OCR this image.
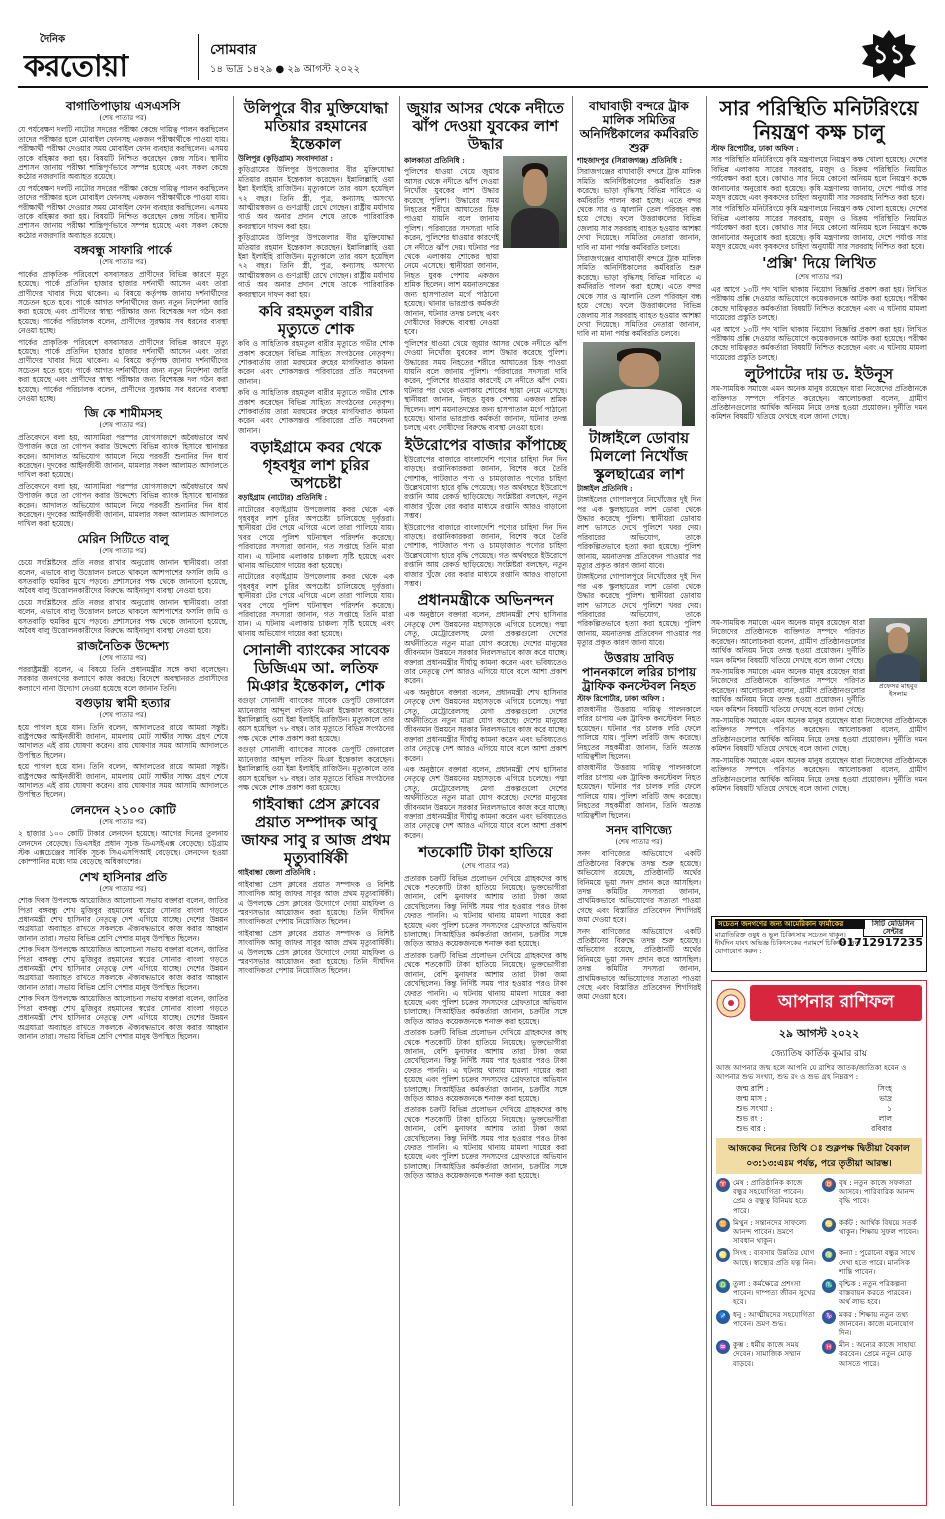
দৈনিক
করতোয়া	সোমবার
১৪ ভাদ্র ১৪২৯ ● ২৯ আগস্ট ২০২২	১১
বাগাতিপাড়ায় এসএসসি
(শেষ পাতার পর)

যে পর্যবেক্ষণ দলটি নাটোর সদরের পরীক্ষা কেন্দ্রে দায়িত্ব পালন করছিলেন তাদের পরীক্ষার হলে মোবাইল ফোনসহ একজন পরীক্ষার্থীকে পাওয়া যায়। পরীক্ষার্থী পরীক্ষা দেওয়ার সময় মোবাইল ফোন ব্যবহার করছিলেন। এসময় তাকে বহিষ্কার করা হয়। বিষয়টি নিশ্চিত করেছেন কেন্দ্র সচিব। স্থানীয় প্রশাসন জানায় পরীক্ষা শান্তিপূর্ণভাবে সম্পন্ন হয়েছে এবং সকল কেন্দ্রে কঠোর নজরদারি অব্যাহত রয়েছে।

যে পর্যবেক্ষণ দলটি নাটোর সদরের পরীক্ষা কেন্দ্রে দায়িত্ব পালন করছিলেন তাদের পরীক্ষার হলে মোবাইল ফোনসহ একজন পরীক্ষার্থীকে পাওয়া যায়। পরীক্ষার্থী পরীক্ষা দেওয়ার সময় মোবাইল ফোন ব্যবহার করছিলেন। এসময় তাকে বহিষ্কার করা হয়। বিষয়টি নিশ্চিত করেছেন কেন্দ্র সচিব। স্থানীয় প্রশাসন জানায় পরীক্ষা শান্তিপূর্ণভাবে সম্পন্ন হয়েছে এবং সকল কেন্দ্রে কঠোর নজরদারি অব্যাহত রয়েছে।

বঙ্গবন্ধু সাফারি পার্কে
(শেষ পাতার পর)

পার্কের প্রাকৃতিক পরিবেশে বসবাসরত প্রাণীদের বিভিন্ন কারণে মৃত্যু হয়েছে। পার্কে প্রতিদিন হাজার হাজার দর্শনার্থী আসেন এবং তারা প্রাণীদের খাবার দিয়ে থাকেন। এ বিষয়ে কর্তৃপক্ষ জানায় দর্শনার্থীদের সচেতন হতে হবে। পার্কে আগত দর্শনার্থীদের জন্য নতুন নির্দেশনা জারি করা হয়েছে এবং প্রাণীদের স্বাস্থ্য পরীক্ষার জন্য বিশেষজ্ঞ দল গঠন করা হয়েছে। পার্কের পরিচালক বলেন, প্রাণীদের সুরক্ষায় সব ধরনের ব্যবস্থা নেওয়া হচ্ছে।

পার্কের প্রাকৃতিক পরিবেশে বসবাসরত প্রাণীদের বিভিন্ন কারণে মৃত্যু হয়েছে। পার্কে প্রতিদিন হাজার হাজার দর্শনার্থী আসেন এবং তারা প্রাণীদের খাবার দিয়ে থাকেন। এ বিষয়ে কর্তৃপক্ষ জানায় দর্শনার্থীদের সচেতন হতে হবে। পার্কে আগত দর্শনার্থীদের জন্য নতুন নির্দেশনা জারি করা হয়েছে এবং প্রাণীদের স্বাস্থ্য পরীক্ষার জন্য বিশেষজ্ঞ দল গঠন করা হয়েছে। পার্কের পরিচালক বলেন, প্রাণীদের সুরক্ষায় সব ধরনের ব্যবস্থা নেওয়া হচ্ছে।

জি কে শামীমসহ
(শেষ পাতার পর)

প্রতিবেদনে বলা হয়, আসামিরা পরস্পর যোগসাজশে অবৈধভাবে অর্থ উপার্জন করে তা গোপন করার উদ্দেশ্যে বিভিন্ন ব্যাংক হিসাবে স্থানান্তর করেন। আদালত অভিযোগ আমলে নিয়ে পরবর্তী শুনানির দিন ধার্য করেছেন। দুদকের আইনজীবী জানান, মামলার সকল আলামত আদালতে দাখিল করা হয়েছে।

প্রতিবেদনে বলা হয়, আসামিরা পরস্পর যোগসাজশে অবৈধভাবে অর্থ উপার্জন করে তা গোপন করার উদ্দেশ্যে বিভিন্ন ব্যাংক হিসাবে স্থানান্তর করেন। আদালত অভিযোগ আমলে নিয়ে পরবর্তী শুনানির দিন ধার্য করেছেন। দুদকের আইনজীবী জানান, মামলার সকল আলামত আদালতে দাখিল করা হয়েছে।

মেরিন সিটিতে বালু
(শেষ পাতার পর)

চেয়ে সংশ্লিষ্টদের প্রতি নজর রাখার অনুরোধ জানান স্থানীয়রা। তারা বলেন, এভাবে বালু উত্তোলন চলতে থাকলে আশপাশের ফসলি জমি ও বসতবাড়ি হুমকির মুখে পড়বে। প্রশাসনের পক্ষ থেকে জানানো হয়েছে, অবৈধ বালু উত্তোলনকারীদের বিরুদ্ধে আইনানুগ ব্যবস্থা নেওয়া হবে।

চেয়ে সংশ্লিষ্টদের প্রতি নজর রাখার অনুরোধ জানান স্থানীয়রা। তারা বলেন, এভাবে বালু উত্তোলন চলতে থাকলে আশপাশের ফসলি জমি ও বসতবাড়ি হুমকির মুখে পড়বে। প্রশাসনের পক্ষ থেকে জানানো হয়েছে, অবৈধ বালু উত্তোলনকারীদের বিরুদ্ধে আইনানুগ ব্যবস্থা নেওয়া হবে।

রাজনৈতিক উদ্দেশ্য
(শেষ পাতার পর)

পররাষ্ট্রমন্ত্রী বলেন, এ বিষয়ে তিনি প্রধানমন্ত্রীর সঙ্গে কথা বলেছেন। সরকার জনগণের কল্যাণে কাজ করছে। বিদেশে অবস্থানরত প্রবাসীদের কল্যাণে নানা উদ্যোগ নেওয়া হয়েছে বলে জানান তিনি।

বগুড়ায় স্বামী হত্যার
(শেষ পাতার পর)

হয়ে পাগল হয়ে যান। তিনি বলেন, আদালতের রায়ে আমরা সন্তুষ্ট। রাষ্ট্রপক্ষের আইনজীবী জানান, মামলায় মোট সাক্ষীর সাক্ষ্য গ্রহণ শেষে আদালত এই রায় ঘোষণা করেন। রায় ঘোষণার সময় আসামি আদালতে উপস্থিত ছিলেন।

হয়ে পাগল হয়ে যান। তিনি বলেন, আদালতের রায়ে আমরা সন্তুষ্ট। রাষ্ট্রপক্ষের আইনজীবী জানান, মামলায় মোট সাক্ষীর সাক্ষ্য গ্রহণ শেষে আদালত এই রায় ঘোষণা করেন। রায় ঘোষণার সময় আসামি আদালতে উপস্থিত ছিলেন।

লেনদেন ২১০০ কোটি
(শেষ পাতার পর)

২ হাজার ১০০ কোটি টাকার লেনদেন হয়েছে। আগের দিনের তুলনায় লেনদেন বেড়েছে। ডিএসইর প্রধান সূচক ডিএসইএক্স বেড়েছে। চট্টগ্রাম স্টক এক্সচেঞ্জের সার্বিক সূচক সিএএসপিআই বেড়েছে। লেনদেন হওয়া কোম্পানির মধ্যে দাম বেড়েছে অধিকাংশের।

শেখ হাসিনার প্রতি
(শেষ পাতার পর)

শোক দিবস উপলক্ষে আয়োজিত আলোচনা সভায় বক্তারা বলেন, জাতির পিতা বঙ্গবন্ধু শেখ মুজিবুর রহমানের স্বপ্নের সোনার বাংলা গড়তে প্রধানমন্ত্রী শেখ হাসিনার নেতৃত্বে দেশ এগিয়ে যাচ্ছে। দেশের উন্নয়ন অগ্রযাত্রা অব্যাহত রাখতে সকলকে ঐক্যবদ্ধভাবে কাজ করার আহ্বান জানান তারা। সভায় বিভিন্ন শ্রেণি পেশার মানুষ উপস্থিত ছিলেন।

শোক দিবস উপলক্ষে আয়োজিত আলোচনা সভায় বক্তারা বলেন, জাতির পিতা বঙ্গবন্ধু শেখ মুজিবুর রহমানের স্বপ্নের সোনার বাংলা গড়তে প্রধানমন্ত্রী শেখ হাসিনার নেতৃত্বে দেশ এগিয়ে যাচ্ছে। দেশের উন্নয়ন অগ্রযাত্রা অব্যাহত রাখতে সকলকে ঐক্যবদ্ধভাবে কাজ করার আহ্বান জানান তারা। সভায় বিভিন্ন শ্রেণি পেশার মানুষ উপস্থিত ছিলেন।

শোক দিবস উপলক্ষে আয়োজিত আলোচনা সভায় বক্তারা বলেন, জাতির পিতা বঙ্গবন্ধু শেখ মুজিবুর রহমানের স্বপ্নের সোনার বাংলা গড়তে প্রধানমন্ত্রী শেখ হাসিনার নেতৃত্বে দেশ এগিয়ে যাচ্ছে। দেশের উন্নয়ন অগ্রযাত্রা অব্যাহত রাখতে সকলকে ঐক্যবদ্ধভাবে কাজ করার আহ্বান জানান তারা। সভায় বিভিন্ন শ্রেণি পেশার মানুষ উপস্থিত ছিলেন।

উলিপুরে বীর মুক্তিযোদ্ধা মতিয়ার রহমানের ইন্তেকাল

উলিপুর (কুড়িগ্রাম) সংবাদদাতা :

কুড়িগ্রামের উলিপুর উপজেলার বীর মুক্তিযোদ্ধা মতিয়ার রহমান ইন্তেকাল করেছেন। ইন্নালিল্লাহি ওয়া ইন্না ইলাইহি রাজিউন। মৃত্যুকালে তার বয়স হয়েছিল ৭২ বছর। তিনি স্ত্রী, পুত্র, কন্যাসহ অসংখ্য আত্মীয়স্বজন ও গুণগ্রাহী রেখে গেছেন। রাষ্ট্রীয় মর্যাদায় গার্ড অব অনার প্রদান শেষে তাকে পারিবারিক কবরস্থানে দাফন করা হয়।

কুড়িগ্রামের উলিপুর উপজেলার বীর মুক্তিযোদ্ধা মতিয়ার রহমান ইন্তেকাল করেছেন। ইন্নালিল্লাহি ওয়া ইন্না ইলাইহি রাজিউন। মৃত্যুকালে তার বয়স হয়েছিল ৭২ বছর। তিনি স্ত্রী, পুত্র, কন্যাসহ অসংখ্য আত্মীয়স্বজন ও গুণগ্রাহী রেখে গেছেন। রাষ্ট্রীয় মর্যাদায় গার্ড অব অনার প্রদান শেষে তাকে পারিবারিক কবরস্থানে দাফন করা হয়।

কবি রহমতুল বারীর মৃত্যুতে শোক

কবি ও সাহিত্যিক রহমতুল বারীর মৃত্যুতে গভীর শোক প্রকাশ করেছেন বিভিন্ন সাহিত্য সংগঠনের নেতৃবৃন্দ। শোকবার্তায় তারা মরহুমের রুহের মাগফিরাত কামনা করেন এবং শোকসন্তপ্ত পরিবারের প্রতি সমবেদনা জানান।

কবি ও সাহিত্যিক রহমতুল বারীর মৃত্যুতে গভীর শোক প্রকাশ করেছেন বিভিন্ন সাহিত্য সংগঠনের নেতৃবৃন্দ। শোকবার্তায় তারা মরহুমের রুহের মাগফিরাত কামনা করেন এবং শোকসন্তপ্ত পরিবারের প্রতি সমবেদনা জানান।

বড়াইগ্রামে কবর থেকে গৃহবধূর লাশ চুরির অপচেষ্টা

বড়াইগ্রাম (নাটোর) প্রতিনিধি :

নাটোরের বড়াইগ্রাম উপজেলায় কবর থেকে এক গৃহবধূর লাশ চুরির অপচেষ্টা চালিয়েছে দুর্বৃত্তরা। স্থানীয়রা টের পেয়ে এগিয়ে এলে তারা পালিয়ে যায়। খবর পেয়ে পুলিশ ঘটনাস্থল পরিদর্শন করেছে। পরিবারের সদস্যরা জানান, গত সপ্তাহে তিনি মারা যান। এ ঘটনায় এলাকায় চাঞ্চল্য সৃষ্টি হয়েছে এবং থানায় অভিযোগ দায়ের করা হয়েছে।

নাটোরের বড়াইগ্রাম উপজেলায় কবর থেকে এক গৃহবধূর লাশ চুরির অপচেষ্টা চালিয়েছে দুর্বৃত্তরা। স্থানীয়রা টের পেয়ে এগিয়ে এলে তারা পালিয়ে যায়। খবর পেয়ে পুলিশ ঘটনাস্থল পরিদর্শন করেছে। পরিবারের সদস্যরা জানান, গত সপ্তাহে তিনি মারা যান। এ ঘটনায় এলাকায় চাঞ্চল্য সৃষ্টি হয়েছে এবং থানায় অভিযোগ দায়ের করা হয়েছে।

সোনালী ব্যাংকের সাবেক ডিজিএম আ. লতিফ মিঞার ইন্তেকাল, শোক

বগুড়া সোনালী ব্যাংকের সাবেক ডেপুটি জেনারেল ম্যানেজার আব্দুল লতিফ মিঞা ইন্তেকাল করেছেন। ইন্নালিল্লাহি ওয়া ইন্না ইলাইহি রাজিউন। মৃত্যুকালে তার বয়স হয়েছিল ৭৮ বছর। তার মৃত্যুতে বিভিন্ন সংগঠনের পক্ষ থেকে শোক প্রকাশ করা হয়েছে।

বগুড়া সোনালী ব্যাংকের সাবেক ডেপুটি জেনারেল ম্যানেজার আব্দুল লতিফ মিঞা ইন্তেকাল করেছেন। ইন্নালিল্লাহি ওয়া ইন্না ইলাইহি রাজিউন। মৃত্যুকালে তার বয়স হয়েছিল ৭৮ বছর। তার মৃত্যুতে বিভিন্ন সংগঠনের পক্ষ থেকে শোক প্রকাশ করা হয়েছে।

গাইবান্ধা প্রেস ক্লাবের প্রয়াত সম্পাদক আবু জাফর সাবু র আজ প্রথম মৃত্যুবার্ষিকী

গাইবান্ধা জেলা প্রতিনিধি :

গাইবান্ধা প্রেস ক্লাবের প্রয়াত সম্পাদক ও বিশিষ্ট সাংবাদিক আবু জাফর সাবুর আজ প্রথম মৃত্যুবার্ষিকী। এ উপলক্ষে প্রেস ক্লাবের উদ্যোগে দোয়া মাহফিল ও স্মরণসভার আয়োজন করা হয়েছে। তিনি দীর্ঘদিন সাংবাদিকতা পেশায় নিয়োজিত ছিলেন।

গাইবান্ধা প্রেস ক্লাবের প্রয়াত সম্পাদক ও বিশিষ্ট সাংবাদিক আবু জাফর সাবুর আজ প্রথম মৃত্যুবার্ষিকী। এ উপলক্ষে প্রেস ক্লাবের উদ্যোগে দোয়া মাহফিল ও স্মরণসভার আয়োজন করা হয়েছে। তিনি দীর্ঘদিন সাংবাদিকতা পেশায় নিয়োজিত ছিলেন।

জুয়ার আসর থেকে নদীতে ঝাঁপ দেওয়া যুবকের লাশ উদ্ধার

কালকাতা প্রতিনিধি :

পুলিশের ধাওয়া খেয়ে জুয়ার আসর থেকে নদীতে ঝাঁপ দেওয়া নিখোঁজ যুবকের লাশ উদ্ধার করেছে পুলিশ। উদ্ধারের সময় নিহতের শরীরে আঘাতের চিহ্ন পাওয়া যায়নি বলে জানায় পুলিশ। পরিবারের সদস্যরা দাবি করেন, পুলিশের ধাওয়ার কারণেই সে নদীতে ঝাঁপ দেয়। ঘটনার পর থেকে এলাকায় শোকের ছায়া নেমে এসেছে। স্থানীয়রা জানান, নিহত যুবক পেশায় একজন শ্রমিক ছিলেন। লাশ ময়নাতদন্তের জন্য হাসপাতাল মর্গে পাঠানো হয়েছে। থানার ভারপ্রাপ্ত কর্মকর্তা জানান, ঘটনার তদন্ত চলছে এবং দোষীদের বিরুদ্ধে ব্যবস্থা নেওয়া হবে।

পুলিশের ধাওয়া খেয়ে জুয়ার আসর থেকে নদীতে ঝাঁপ দেওয়া নিখোঁজ যুবকের লাশ উদ্ধার করেছে পুলিশ। উদ্ধারের সময় নিহতের শরীরে আঘাতের চিহ্ন পাওয়া যায়নি বলে জানায় পুলিশ। পরিবারের সদস্যরা দাবি করেন, পুলিশের ধাওয়ার কারণেই সে নদীতে ঝাঁপ দেয়। ঘটনার পর থেকে এলাকায় শোকের ছায়া নেমে এসেছে। স্থানীয়রা জানান, নিহত যুবক পেশায় একজন শ্রমিক ছিলেন। লাশ ময়নাতদন্তের জন্য হাসপাতাল মর্গে পাঠানো হয়েছে। থানার ভারপ্রাপ্ত কর্মকর্তা জানান, ঘটনার তদন্ত চলছে এবং দোষীদের বিরুদ্ধে ব্যবস্থা নেওয়া হবে।

ইউরোপের বাজার কাঁপাচ্ছে

ইউরোপের বাজারে বাংলাদেশি পণ্যের চাহিদা দিন দিন বাড়ছে। রপ্তানিকারকরা জানান, বিশেষ করে তৈরি পোশাক, পাটজাত পণ্য ও চামড়াজাত পণ্যের চাহিদা উল্লেখযোগ্য হারে বৃদ্ধি পেয়েছে। গত অর্থবছরে ইউরোপে রপ্তানি আয় রেকর্ড ছাড়িয়েছে। সংশ্লিষ্টরা বলছেন, নতুন বাজার খুঁজে বের করার মাধ্যমে রপ্তানি আরও বাড়ানো সম্ভব।

ইউরোপের বাজারে বাংলাদেশি পণ্যের চাহিদা দিন দিন বাড়ছে। রপ্তানিকারকরা জানান, বিশেষ করে তৈরি পোশাক, পাটজাত পণ্য ও চামড়াজাত পণ্যের চাহিদা উল্লেখযোগ্য হারে বৃদ্ধি পেয়েছে। গত অর্থবছরে ইউরোপে রপ্তানি আয় রেকর্ড ছাড়িয়েছে। সংশ্লিষ্টরা বলছেন, নতুন বাজার খুঁজে বের করার মাধ্যমে রপ্তানি আরও বাড়ানো সম্ভব।

প্রধানমন্ত্রীকে অভিনন্দন

এক অনুষ্ঠানে বক্তারা বলেন, প্রধানমন্ত্রী শেখ হাসিনার নেতৃত্বে দেশ উন্নয়নের মহাসড়কে এগিয়ে চলেছে। পদ্মা সেতু, মেট্রোরেলসহ মেগা প্রকল্পগুলো দেশের অর্থনীতিতে নতুন মাত্রা যোগ করেছে। দেশের মানুষের জীবনমান উন্নয়নে সরকার নিরলসভাবে কাজ করে যাচ্ছে। বক্তারা প্রধানমন্ত্রীর দীর্ঘায়ু কামনা করেন এবং ভবিষ্যতেও তার নেতৃত্বে দেশ আরও এগিয়ে যাবে বলে আশা প্রকাশ করেন।

এক অনুষ্ঠানে বক্তারা বলেন, প্রধানমন্ত্রী শেখ হাসিনার নেতৃত্বে দেশ উন্নয়নের মহাসড়কে এগিয়ে চলেছে। পদ্মা সেতু, মেট্রোরেলসহ মেগা প্রকল্পগুলো দেশের অর্থনীতিতে নতুন মাত্রা যোগ করেছে। দেশের মানুষের জীবনমান উন্নয়নে সরকার নিরলসভাবে কাজ করে যাচ্ছে। বক্তারা প্রধানমন্ত্রীর দীর্ঘায়ু কামনা করেন এবং ভবিষ্যতেও তার নেতৃত্বে দেশ আরও এগিয়ে যাবে বলে আশা প্রকাশ করেন।

এক অনুষ্ঠানে বক্তারা বলেন, প্রধানমন্ত্রী শেখ হাসিনার নেতৃত্বে দেশ উন্নয়নের মহাসড়কে এগিয়ে চলেছে। পদ্মা সেতু, মেট্রোরেলসহ মেগা প্রকল্পগুলো দেশের অর্থনীতিতে নতুন মাত্রা যোগ করেছে। দেশের মানুষের জীবনমান উন্নয়নে সরকার নিরলসভাবে কাজ করে যাচ্ছে। বক্তারা প্রধানমন্ত্রীর দীর্ঘায়ু কামনা করেন এবং ভবিষ্যতেও তার নেতৃত্বে দেশ আরও এগিয়ে যাবে বলে আশা প্রকাশ করেন।

শতকোটি টাকা হাতিয়ে
(শেষ পাতার পর)

প্রতারক চক্রটি বিভিন্ন প্রলোভন দেখিয়ে গ্রাহকদের কাছ থেকে শতকোটি টাকা হাতিয়ে নিয়েছে। ভুক্তভোগীরা জানান, বেশি মুনাফার আশায় তারা টাকা জমা রেখেছিলেন। কিন্তু নির্দিষ্ট সময় পার হওয়ার পরও টাকা ফেরত পাননি। এ ঘটনায় থানায় মামলা দায়ের করা হয়েছে এবং পুলিশ চক্রের সদস্যদের গ্রেফতারে অভিযান চালাচ্ছে। সিআইডির কর্মকর্তারা জানান, চক্রটির সঙ্গে জড়িত আরও কয়েকজনকে শনাক্ত করা হয়েছে।

প্রতারক চক্রটি বিভিন্ন প্রলোভন দেখিয়ে গ্রাহকদের কাছ থেকে শতকোটি টাকা হাতিয়ে নিয়েছে। ভুক্তভোগীরা জানান, বেশি মুনাফার আশায় তারা টাকা জমা রেখেছিলেন। কিন্তু নির্দিষ্ট সময় পার হওয়ার পরও টাকা ফেরত পাননি। এ ঘটনায় থানায় মামলা দায়ের করা হয়েছে এবং পুলিশ চক্রের সদস্যদের গ্রেফতারে অভিযান চালাচ্ছে। সিআইডির কর্মকর্তারা জানান, চক্রটির সঙ্গে জড়িত আরও কয়েকজনকে শনাক্ত করা হয়েছে।

প্রতারক চক্রটি বিভিন্ন প্রলোভন দেখিয়ে গ্রাহকদের কাছ থেকে শতকোটি টাকা হাতিয়ে নিয়েছে। ভুক্তভোগীরা জানান, বেশি মুনাফার আশায় তারা টাকা জমা রেখেছিলেন। কিন্তু নির্দিষ্ট সময় পার হওয়ার পরও টাকা ফেরত পাননি। এ ঘটনায় থানায় মামলা দায়ের করা হয়েছে এবং পুলিশ চক্রের সদস্যদের গ্রেফতারে অভিযান চালাচ্ছে। সিআইডির কর্মকর্তারা জানান, চক্রটির সঙ্গে জড়িত আরও কয়েকজনকে শনাক্ত করা হয়েছে।

প্রতারক চক্রটি বিভিন্ন প্রলোভন দেখিয়ে গ্রাহকদের কাছ থেকে শতকোটি টাকা হাতিয়ে নিয়েছে। ভুক্তভোগীরা জানান, বেশি মুনাফার আশায় তারা টাকা জমা রেখেছিলেন। কিন্তু নির্দিষ্ট সময় পার হওয়ার পরও টাকা ফেরত পাননি। এ ঘটনায় থানায় মামলা দায়ের করা হয়েছে এবং পুলিশ চক্রের সদস্যদের গ্রেফতারে অভিযান চালাচ্ছে। সিআইডির কর্মকর্তারা জানান, চক্রটির সঙ্গে জড়িত আরও কয়েকজনকে শনাক্ত করা হয়েছে।

বাঘাবাড়ী বন্দরে ট্রাক মালিক সমিতির অনির্দিষ্টকালের কর্মবিরতি শুরু

শাহজাদপুর (সিরাজগঞ্জ) প্রতিনিধি :

সিরাজগঞ্জের বাঘাবাড়ী বন্দরে ট্রাক মালিক সমিতি অনির্দিষ্টকালের কর্মবিরতি শুরু করেছে। ভাড়া বৃদ্ধিসহ বিভিন্ন দাবিতে এ কর্মবিরতি পালন করা হচ্ছে। এতে বন্দর থেকে সার ও জ্বালানি তেল পরিবহন বন্ধ হয়ে গেছে। ফলে উত্তরাঞ্চলের বিভিন্ন জেলায় সার সরবরাহ ব্যাহত হওয়ার আশঙ্কা দেখা দিয়েছে। সমিতির নেতারা জানান, দাবি না মানা পর্যন্ত কর্মবিরতি চলবে।

সিরাজগঞ্জের বাঘাবাড়ী বন্দরে ট্রাক মালিক সমিতি অনির্দিষ্টকালের কর্মবিরতি শুরু করেছে। ভাড়া বৃদ্ধিসহ বিভিন্ন দাবিতে এ কর্মবিরতি পালন করা হচ্ছে। এতে বন্দর থেকে সার ও জ্বালানি তেল পরিবহন বন্ধ হয়ে গেছে। ফলে উত্তরাঞ্চলের বিভিন্ন জেলায় সার সরবরাহ ব্যাহত হওয়ার আশঙ্কা দেখা দিয়েছে। সমিতির নেতারা জানান, দাবি না মানা পর্যন্ত কর্মবিরতি চলবে।

টাঙ্গাইলে ডোবায় মিললো নিখোঁজ স্কুলছাত্রের লাশ

টাঙ্গাইল প্রতিনিধি :

টাঙ্গাইলের গোপালপুরে নিখোঁজের দুই দিন পর এক স্কুলছাত্রের লাশ ডোবা থেকে উদ্ধার করেছে পুলিশ। স্থানীয়রা ডোবায় লাশ ভাসতে দেখে পুলিশে খবর দেয়। পরিবারের অভিযোগ, তাকে পরিকল্পিতভাবে হত্যা করা হয়েছে। পুলিশ জানায়, ময়নাতদন্ত প্রতিবেদন পাওয়ার পর মৃত্যুর প্রকৃত কারণ জানা যাবে।

টাঙ্গাইলের গোপালপুরে নিখোঁজের দুই দিন পর এক স্কুলছাত্রের লাশ ডোবা থেকে উদ্ধার করেছে পুলিশ। স্থানীয়রা ডোবায় লাশ ভাসতে দেখে পুলিশে খবর দেয়। পরিবারের অভিযোগ, তাকে পরিকল্পিতভাবে হত্যা করা হয়েছে। পুলিশ জানায়, ময়নাতদন্ত প্রতিবেদন পাওয়ার পর মৃত্যুর প্রকৃত কারণ জানা যাবে।

উত্তরায় দ্রাবিড় পাননকালে লরির চাপায় ট্রাফিক কনস্টেবল নিহত

স্টাফ রিপোর্টার, ঢাকা অফিস :

রাজধানীর উত্তরায় দায়িত্ব পালনকালে লরির চাপায় এক ট্রাফিক কনস্টেবল নিহত হয়েছেন। ঘটনার পর চালক লরি ফেলে পালিয়ে যায়। পুলিশ লরিটি জব্দ করেছে। নিহতের সহকর্মীরা জানান, তিনি অত্যন্ত দায়িত্বশীল ছিলেন।

রাজধানীর উত্তরায় দায়িত্ব পালনকালে লরির চাপায় এক ট্রাফিক কনস্টেবল নিহত হয়েছেন। ঘটনার পর চালক লরি ফেলে পালিয়ে যায়। পুলিশ লরিটি জব্দ করেছে। নিহতের সহকর্মীরা জানান, তিনি অত্যন্ত দায়িত্বশীল ছিলেন।

সনদ বাণিজ্যে
(শেষ পাতার পর)

সনদ বাণিজ্যের অভিযোগে একটি প্রতিষ্ঠানের বিরুদ্ধে তদন্ত শুরু হয়েছে। অভিযোগ রয়েছে, প্রতিষ্ঠানটি অর্থের বিনিময়ে ভুয়া সনদ প্রদান করে আসছিল। তদন্ত কমিটির সদস্যরা জানান, প্রাথমিকভাবে অভিযোগের সত্যতা পাওয়া গেছে এবং বিস্তারিত প্রতিবেদন শিগগিরই জমা দেওয়া হবে।

সনদ বাণিজ্যের অভিযোগে একটি প্রতিষ্ঠানের বিরুদ্ধে তদন্ত শুরু হয়েছে। অভিযোগ রয়েছে, প্রতিষ্ঠানটি অর্থের বিনিময়ে ভুয়া সনদ প্রদান করে আসছিল। তদন্ত কমিটির সদস্যরা জানান, প্রাথমিকভাবে অভিযোগের সত্যতা পাওয়া গেছে এবং বিস্তারিত প্রতিবেদন শিগগিরই জমা দেওয়া হবে।

সার পরিস্থিতি মনিটরিংয়ে নিয়ন্ত্রণ কক্ষ চালু

স্টাফ রিপোর্টার, ঢাকা অফিস :

সার পরিস্থিতি মনিটরিংয়ে কৃষি মন্ত্রণালয়ে নিয়ন্ত্রণ কক্ষ খোলা হয়েছে। দেশের বিভিন্ন এলাকায় সারের সরবরাহ, মজুদ ও বিক্রয় পরিস্থিতি নিয়মিত পর্যবেক্ষণ করা হবে। কোথাও সার নিয়ে কোনো অনিয়ম হলে নিয়ন্ত্রণ কক্ষে জানানোর অনুরোধ করা হয়েছে। কৃষি মন্ত্রণালয় জানায়, দেশে পর্যাপ্ত সার মজুদ রয়েছে এবং কৃষকদের চাহিদা অনুযায়ী সার সরবরাহ নিশ্চিত করা হবে।

সার পরিস্থিতি মনিটরিংয়ে কৃষি মন্ত্রণালয়ে নিয়ন্ত্রণ কক্ষ খোলা হয়েছে। দেশের বিভিন্ন এলাকায় সারের সরবরাহ, মজুদ ও বিক্রয় পরিস্থিতি নিয়মিত পর্যবেক্ষণ করা হবে। কোথাও সার নিয়ে কোনো অনিয়ম হলে নিয়ন্ত্রণ কক্ষে জানানোর অনুরোধ করা হয়েছে। কৃষি মন্ত্রণালয় জানায়, দেশে পর্যাপ্ত সার মজুদ রয়েছে এবং কৃষকদের চাহিদা অনুযায়ী সার সরবরাহ নিশ্চিত করা হবে।

'প্রক্সি' দিয়ে লিখিত
(শেষ পাতার পর)

এর আগে ১৩টি পদ খালি থাকায় নিয়োগ বিজ্ঞপ্তি প্রকাশ করা হয়। লিখিত পরীক্ষায় প্রক্সি দেওয়ার অভিযোগে কয়েকজনকে আটক করা হয়েছে। পরীক্ষা কেন্দ্রে দায়িত্বরত কর্মকর্তারা বিষয়টি নিশ্চিত করেছেন এবং এ ঘটনায় মামলা দায়েরের প্রস্তুতি চলছে।

এর আগে ১৩টি পদ খালি থাকায় নিয়োগ বিজ্ঞপ্তি প্রকাশ করা হয়। লিখিত পরীক্ষায় প্রক্সি দেওয়ার অভিযোগে কয়েকজনকে আটক করা হয়েছে। পরীক্ষা কেন্দ্রে দায়িত্বরত কর্মকর্তারা বিষয়টি নিশ্চিত করেছেন এবং এ ঘটনায় মামলা দায়েরের প্রস্তুতি চলছে।

লুটপাটের দায় ড. ইউনূস

সম-সাময়িক সমাজে এমন অনেক মানুষ রয়েছেন যারা নিজেদের প্রতিষ্ঠানকে ব্যক্তিগত সম্পদে পরিণত করেছেন। আলোচকরা বলেন, গ্রামীণ প্রতিষ্ঠানগুলোর আর্থিক অনিয়ম নিয়ে তদন্ত হওয়া প্রয়োজন। দুর্নীতি দমন কমিশন বিষয়টি খতিয়ে দেখছে বলে জানা গেছে।

সম-সাময়িক সমাজে এমন অনেক মানুষ রয়েছেন যারা নিজেদের প্রতিষ্ঠানকে ব্যক্তিগত সম্পদে পরিণত করেছেন। আলোচকরা বলেন, গ্রামীণ প্রতিষ্ঠানগুলোর আর্থিক অনিয়ম নিয়ে তদন্ত হওয়া প্রয়োজন। দুর্নীতি দমন কমিশন বিষয়টি খতিয়ে দেখছে বলে জানা গেছে।

সম-সাময়িক সমাজে এমন অনেক মানুষ রয়েছেন যারা নিজেদের প্রতিষ্ঠানকে ব্যক্তিগত সম্পদে পরিণত করেছেন। আলোচকরা বলেন, গ্রামীণ প্রতিষ্ঠানগুলোর আর্থিক অনিয়ম নিয়ে তদন্ত হওয়া প্রয়োজন। দুর্নীতি দমন কমিশন বিষয়টি খতিয়ে দেখছে বলে জানা গেছে।

প্রফেসর মাহবুব ইসলাম

সম-সাময়িক সমাজে এমন অনেক মানুষ রয়েছেন যারা নিজেদের প্রতিষ্ঠানকে ব্যক্তিগত সম্পদে পরিণত করেছেন। আলোচকরা বলেন, গ্রামীণ প্রতিষ্ঠানগুলোর আর্থিক অনিয়ম নিয়ে তদন্ত হওয়া প্রয়োজন। দুর্নীতি দমন কমিশন বিষয়টি খতিয়ে দেখছে বলে জানা গেছে।

সম-সাময়িক সমাজে এমন অনেক মানুষ রয়েছেন যারা নিজেদের প্রতিষ্ঠানকে ব্যক্তিগত সম্পদে পরিণত করেছেন। আলোচকরা বলেন, গ্রামীণ প্রতিষ্ঠানগুলোর আর্থিক অনিয়ম নিয়ে তদন্ত হওয়া প্রয়োজন। দুর্নীতি দমন কমিশন বিষয়টি খতিয়ে দেখছে বলে জানা গেছে।

সচেতন জনগণের জন্য আমেরিকান ফার্মাকের	সিটি মেডিসিন সেন্টার
মাত্রাতিরিক্ত ওষুধ ও ভুল চিকিৎসায় সচেতন থাকুন। দীর্ঘদিন যাবৎ অভিজ্ঞ চিকিৎসকের পরামর্শে চিকিৎসা নিন। যোগাযোগ করুন :
01712917235
আপনার রাশিফল
২৯ আগস্ট ২০২২
জ্যোতিষ কার্তিক কুমার রায়

আজ আপনার জন্ম হলে আপনি যে রাশির জাতক/জাতিকা হবেন ও আপনার শুভ সংখ্যা, শুভ রং ও শুভ গ্রহ নিম্নরূপ :

জন্ম রাশি :	সিংহ
জন্ম মাস :	ভাদ্র
শুভ সংখ্যা :	১
শুভ রং :	লাল
শুভ বার :	রবিবার
আজকের দিনের তিথি ঃ শুক্লপক্ষ দ্বিতীয়া বৈকাল ০৩:১৩:এঃম পর্যন্ত, পরে তৃতীয়া আরম্ভ।
♈ মেষ : প্রাতিষ্ঠানিক কাজে বন্ধুর সহযোগিতা পাবেন। প্রেম ও বন্ধুত্ব বিনিময় হতে পারে।
♉ বৃষ : নতুন কাজে সফলতা আসবে। পারিবারিক আনন্দ বৃদ্ধি পাবে।
♊ মিথুন : সন্তানদের সাফল্যে আনন্দ পাবেন। ভ্রমণে সাবধান থাকুন।
♋ কর্কট : আর্থিক বিষয়ে সতর্ক থাকুন। শিক্ষায় সুফল পাবেন।
♌ সিংহ : ব্যবসায় উন্নতির যোগ আছে। স্বাস্থ্যের প্রতি যত্ন নিন।
♍ কন্যা : পুরোনো বন্ধুর সাথে দেখা হতে পারে। মানসিক শান্তি পাবেন।
♎ তুলা : কর্মক্ষেত্রে প্রশংসা পাবেন। দাম্পত্য জীবন সুখের হবে।
♏ বৃশ্চিক : নতুন পরিকল্পনা বাস্তবায়ন করতে পারবেন। অর্থ লাভ হবে।
♐ ধনু : আত্মীয়দের সহযোগিতা পাবেন। ভ্রমণ শুভ।
♑ মকর : শিক্ষায় নতুন তথ্য জানবেন। কাজে মনোযোগ দিন।
♒ কুম্ভ : ধর্মীয় কাজে সময় দেবেন। সামাজিক সম্মান বাড়বে।
♓ মীন : অন্যের কাজে সাহায্য করবেন। প্রেমে নতুন মোড় আসতে পারে।
